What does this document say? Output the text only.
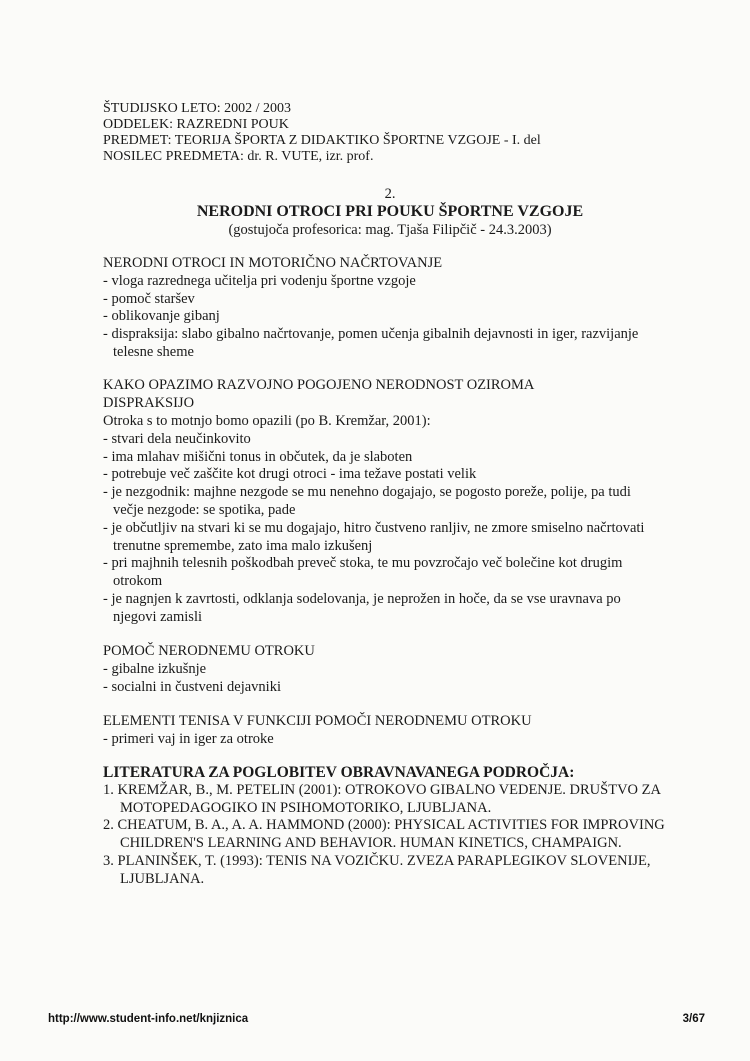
ŠTUDIJSKO LETO: 2002 / 2003
ODDELEK: RAZREDNI POUK
PREDMET: TEORIJA ŠPORTA Z DIDAKTIKO ŠPORTNE VZGOJE - I. del
NOSILEC PREDMETA: dr. R. VUTE, izr. prof.
2.
NERODNI OTROCI PRI POUKU ŠPORTNE VZGOJE
(gostujoča profesorica: mag. Tjaša Filipčič - 24.3.2003)
NERODNI OTROCI IN MOTORIČNO NAČRTOVANJE
- vloga razrednega učitelja pri vodenju športne vzgoje
- pomoč staršev
- oblikovanje gibanj
- dispraksija: slabo gibalno načrtovanje, pomen učenja gibalnih dejavnosti in iger, razvijanje telesne sheme
KAKO OPAZIMO RAZVOJNO POGOJENO NERODNOST OZIROMA DISPRAKSIJO
Otroka s to motnjo bomo opazili (po B. Kremžar, 2001):
- stvari dela neučinkovito
- ima mlahav mišični tonus in občutek, da je slaboten
- potrebuje več zaščite kot drugi otroci - ima težave postati velik
- je nezgodnik: majhne nezgode se mu nenehno dogajajo, se pogosto poreže, polije, pa tudi večje nezgode: se spotika, pade
- je občutljiv na stvari ki se mu dogajajo, hitro čustveno ranljiv, ne zmore smiselno načrtovati trenutne spremembe, zato ima malo izkušenj
- pri majhnih telesnih poškodbah preveč stoka, te mu povzročajo več bolečine kot drugim otrokom
- je nagnjen k zavrtosti, odklanja sodelovanja, je neprožen in hoče, da se vse uravnava po njegovi zamisli
POMOČ NERODNEMU OTROKU
- gibalne izkušnje
- socialni in čustveni dejavniki
ELEMENTI TENISA V FUNKCIJI POMOČI NERODNEMU OTROKU
- primeri vaj in iger za otroke
LITERATURA ZA POGLOBITEV OBRAVNAVANEGA PODROČJA:
1. KREMŽAR, B., M. PETELIN (2001): OTROKOVO GIBALNO VEDENJE. DRUŠTVO ZA MOTOPEDAGOGIKO IN PSIHOMOTORIKO, LJUBLJANA.
2. CHEATUM, B. A., A. A. HAMMOND (2000): PHYSICAL ACTIVITIES FOR IMPROVING CHILDREN'S LEARNING AND BEHAVIOR. HUMAN KINETICS, CHAMPAIGN.
3. PLANINŠEK, T. (1993): TENIS NA VOZIČKU. ZVEZA PARAPLEGIKOV SLOVENIJE, LJUBLJANA.
http://www.student-info.net/knjiznica	3/67
